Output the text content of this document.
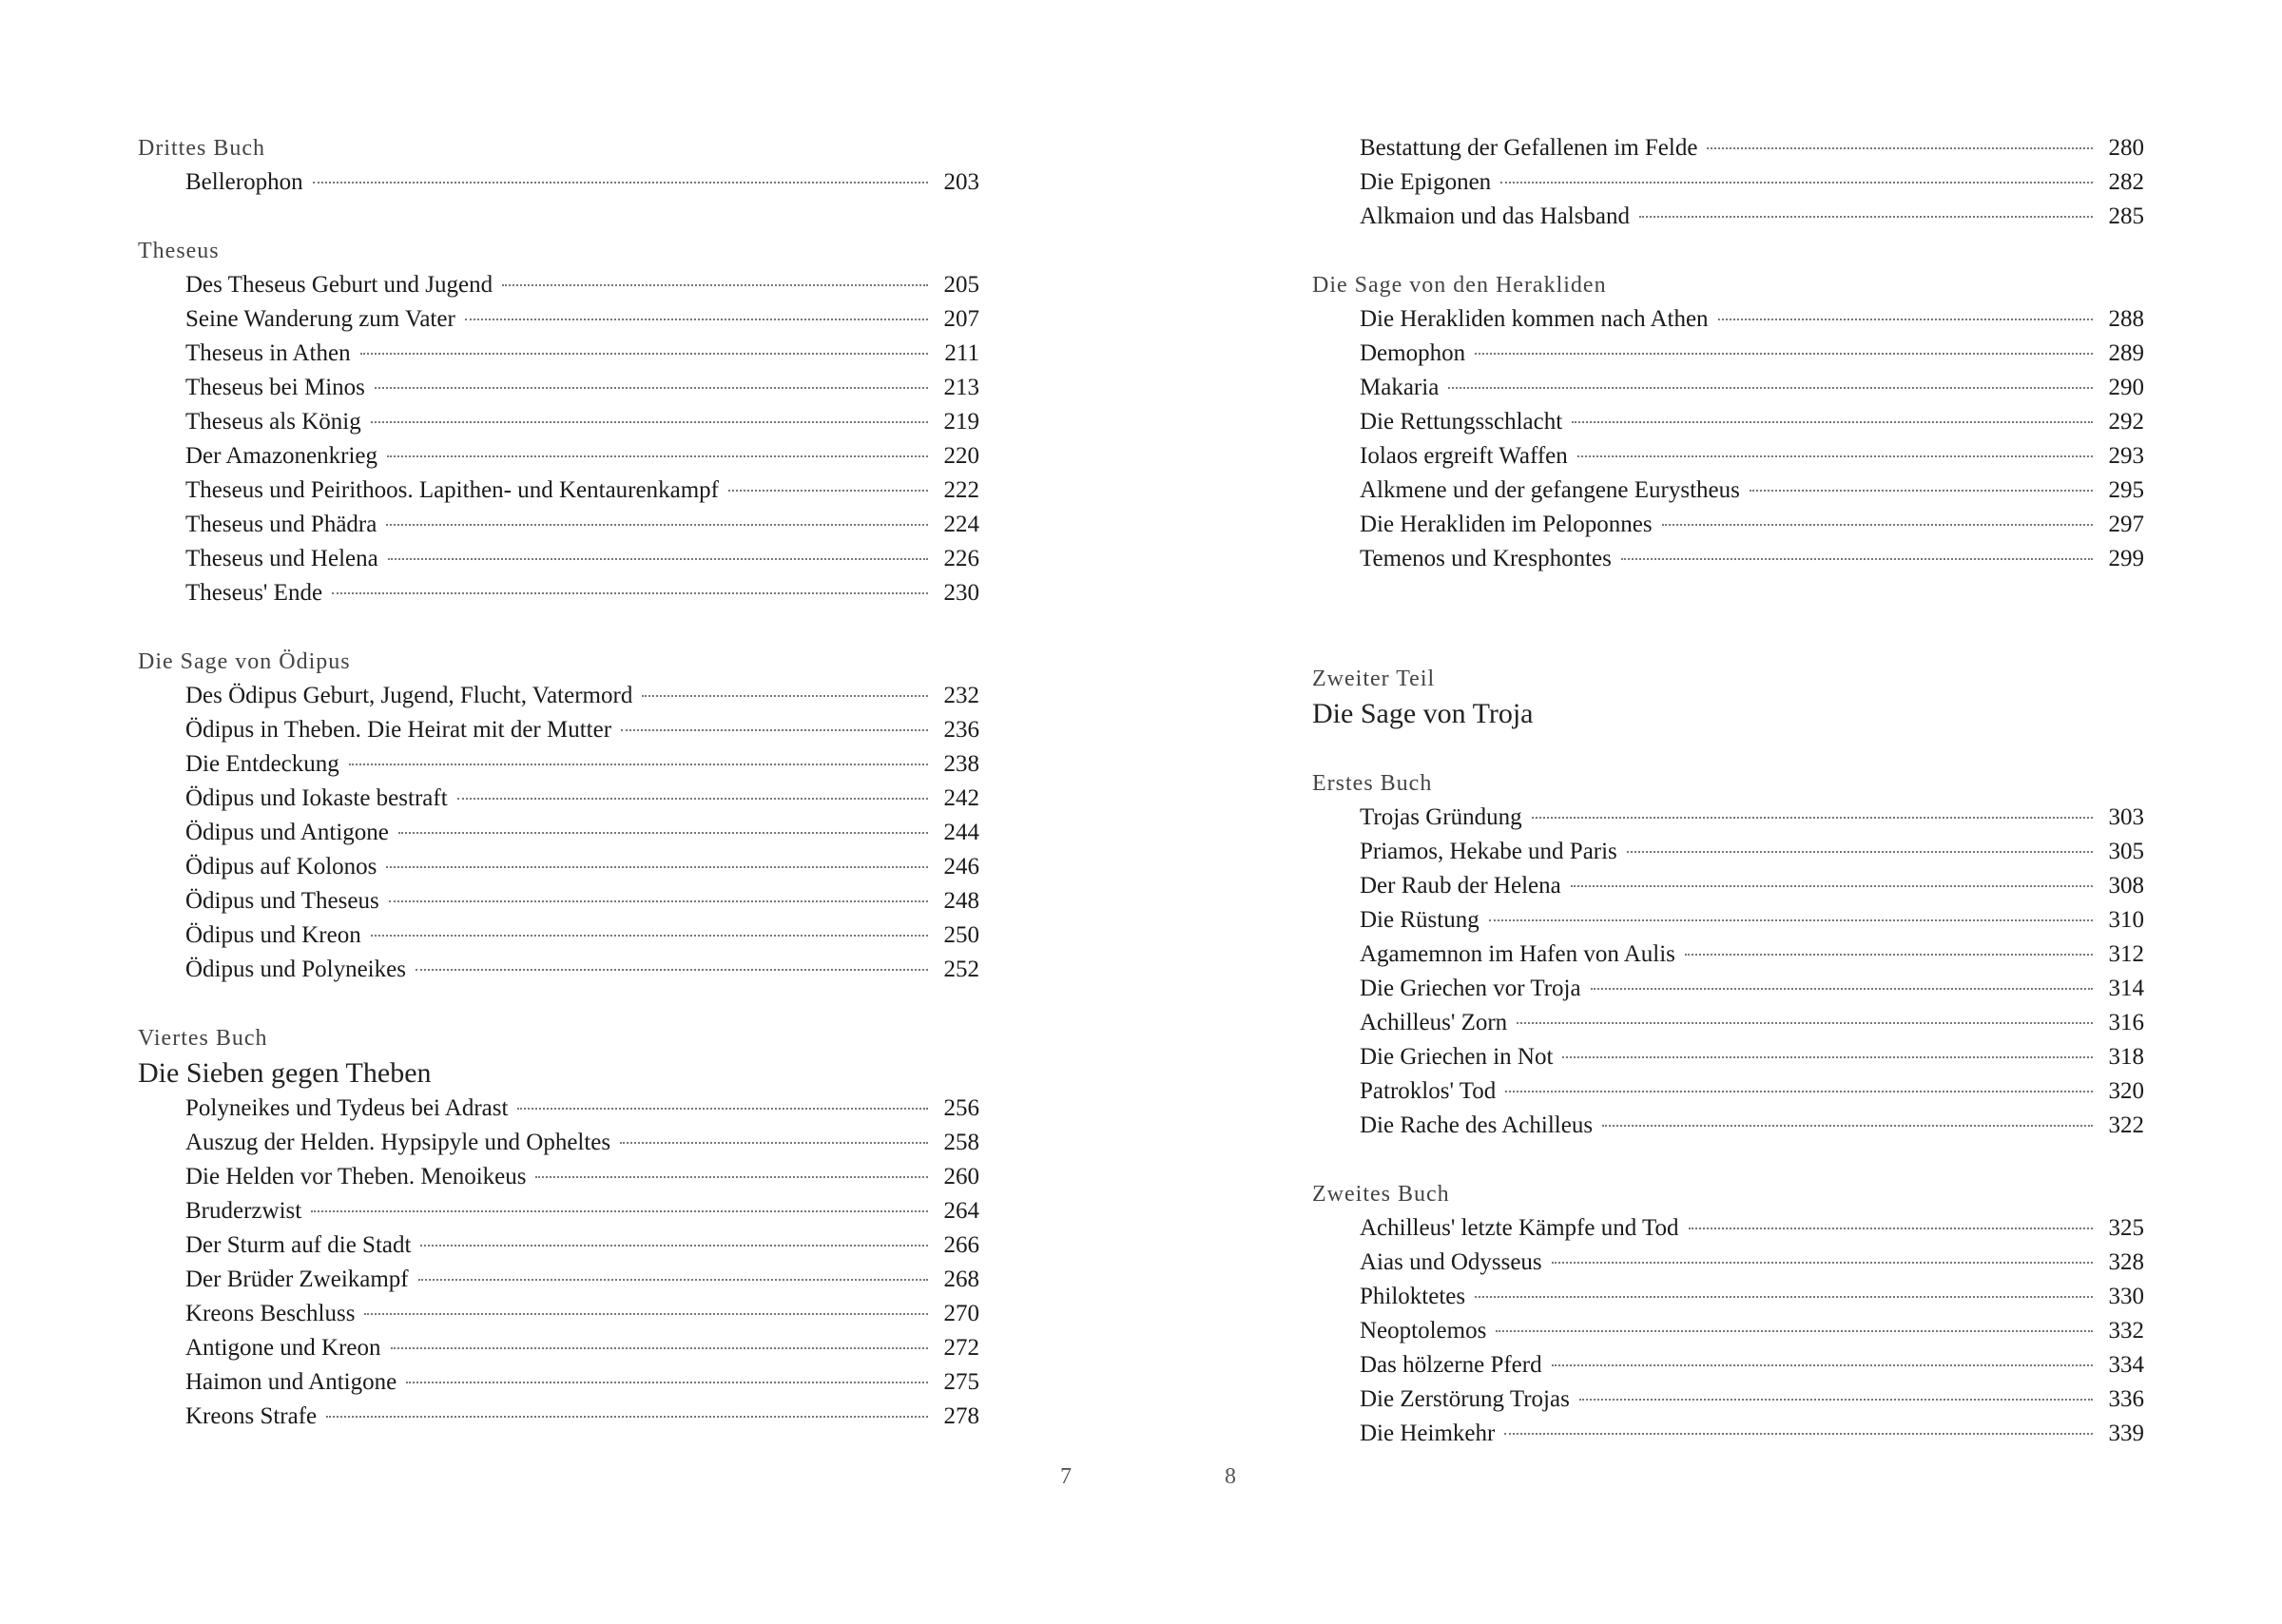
Drittes Buch
Bellerophon	203
Theseus
Des Theseus Geburt und Jugend	205
Seine Wanderung zum Vater	207
Theseus in Athen	211
Theseus bei Minos	213
Theseus als König	219
Der Amazonenkrieg	220
Theseus und Peirithoos. Lapithen- und Kentaurenkampf	222
Theseus und Phädra	224
Theseus und Helena	226
Theseus' Ende	230
Die Sage von Ödipus
Des Ödipus Geburt, Jugend, Flucht, Vatermord	232
Ödipus in Theben. Die Heirat mit der Mutter	236
Die Entdeckung	238
Ödipus und Iokaste bestraft	242
Ödipus und Antigone	244
Ödipus auf Kolonos	246
Ödipus und Theseus	248
Ödipus und Kreon	250
Ödipus und Polyneikes	252
Viertes Buch
Die Sieben gegen Theben
Polyneikes und Tydeus bei Adrast	256
Auszug der Helden. Hypsipyle und Opheltes	258
Die Helden vor Theben. Menoikeus	260
Bruderzwist	264
Der Sturm auf die Stadt	266
Der Brüder Zweikampf	268
Kreons Beschluss	270
Antigone und Kreon	272
Haimon und Antigone	275
Kreons Strafe	278
7
Bestattung der Gefallenen im Felde	280
Die Epigonen	282
Alkmaion und das Halsband	285
Die Sage von den Herakliden
Die Herakliden kommen nach Athen	288
Demophon	289
Makaria	290
Die Rettungsschlacht	292
Iolaos ergreift Waffen	293
Alkmene und der gefangene Eurystheus	295
Die Herakliden im Peloponnes	297
Temenos und Kresphontes	299
Zweiter Teil
Die Sage von Troja
Erstes Buch
Trojas Gründung	303
Priamos, Hekabe und Paris	305
Der Raub der Helena	308
Die Rüstung	310
Agamemnon im Hafen von Aulis	312
Die Griechen vor Troja	314
Achilleus' Zorn	316
Die Griechen in Not	318
Patroklos' Tod	320
Die Rache des Achilleus	322
Zweites Buch
Achilleus' letzte Kämpfe und Tod	325
Aias und Odysseus	328
Philoktetes	330
Neoptolemos	332
Das hölzerne Pferd	334
Die Zerstörung Trojas	336
Die Heimkehr	339
8
